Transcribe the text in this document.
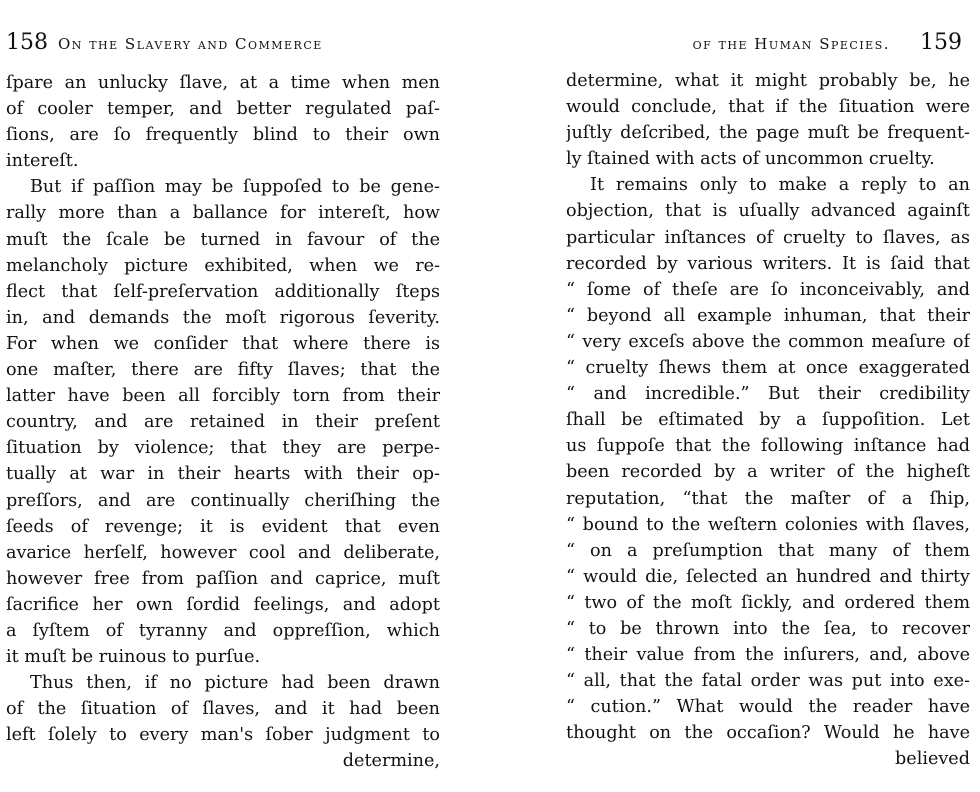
158 On the Slavery and Commerce
ſpare an unlucky ſlave, at a time when men
of cooler temper, and better regulated paſ-
ſions, are ſo frequently blind to their own
intereſt.
But if paſſion may be ſuppoſed to be gene-
rally more than a ballance for intereſt, how
muſt the ſcale be turned in favour of the
melancholy picture exhibited, when we re-
flect that ſelf-preſervation additionally ſteps
in, and demands the moſt rigorous ſeverity.
For when we conſider that where there is
one maſter, there are fifty ſlaves; that the
latter have been all forcibly torn from their
country, and are retained in their preſent
ſituation by violence; that they are perpe-
tually at war in their hearts with their op-
preſſors, and are continually cheriſhing the
ſeeds of revenge; it is evident that even
avarice herſelf, however cool and deliberate,
however free from paſſion and caprice, muſt
ſacrifice her own ſordid feelings, and adopt
a ſyſtem of tyranny and oppreſſion, which
it muſt be ruinous to purſue.
Thus then, if no picture had been drawn
of the ſituation of ſlaves, and it had been
left ſolely to every man's ſober judgment to
determine,
of the Human Species. 159
determine, what it might probably be, he
would conclude, that if the ſituation were
juſtly deſcribed, the page muſt be frequent-
ly ſtained with acts of uncommon cruelty.
It remains only to make a reply to an
objection, that is uſually advanced againſt
particular inſtances of cruelty to ſlaves, as
recorded by various writers. It is ſaid that
“ ſome of theſe are ſo inconceivably, and
“ beyond all example inhuman, that their
“ very exceſs above the common meaſure of
“ cruelty ſhews them at once exaggerated
“ and incredible.” But their credibility
ſhall be eſtimated by a ſuppoſition. Let
us ſuppoſe that the following inſtance had
been recorded by a writer of the higheſt
reputation, “that the maſter of a ſhip,
“ bound to the weſtern colonies with ſlaves,
“ on a preſumption that many of them
“ would die, ſelected an hundred and thirty
“ two of the moſt ſickly, and ordered them
“ to be thrown into the ſea, to recover
“ their value from the inſurers, and, above
“ all, that the fatal order was put into exe-
“ cution.” What would the reader have
thought on the occaſion? Would he have
believed
